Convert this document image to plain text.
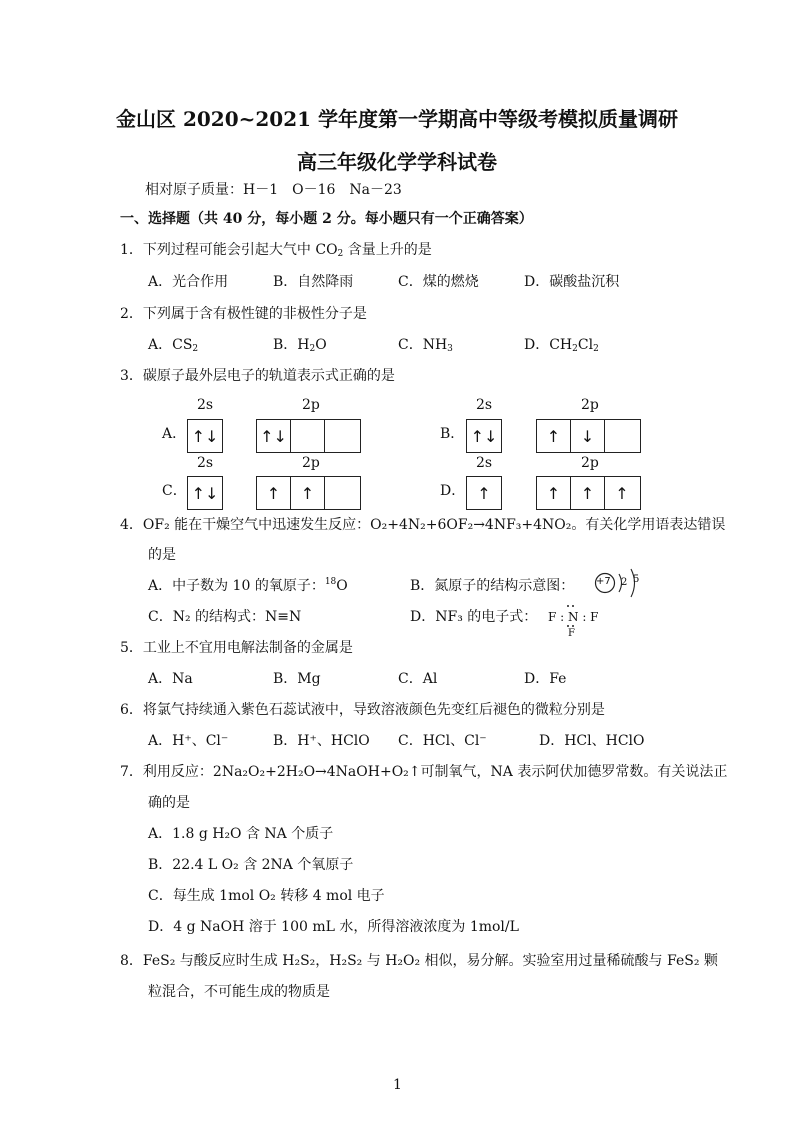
金山区 2020~2021 学年度第一学期高中等级考模拟质量调研
高三年级化学学科试卷
相对原子质量：H－1　O－16　Na－23
一、选择题（共 40 分，每小题 2 分。每小题只有一个正确答案）
1．下列过程可能会引起大气中 $CO_2$ 含量上升的是
A．光合作用	B．自然降雨	C．煤的燃烧	D．碳酸盐沉积
2．下列属于含有极性键的非极性分子是
A．$CS_2$	B．$H_2O$	C．$NH_3$	D．$CH_2Cl_2$
3．碳原子最外层电子的轨道表示式正确的是
2s	2p	2s	2p
A． ↑↓	↑↓	B． ↑↓	↑	↓
2s	2p	2s	2p
C． ↑↓	↑	↑	D． ↑	↑	↑	↑
4．OF₂ 能在干燥空气中迅速发生反应：O₂+4N₂+6OF₂→4NF₃+4NO₂。有关化学用语表达错误
的是
A．中子数为 10 的氧原子：$^{18}$O	B．氮原子的结构示意图： +7 2 5
C．N₂ 的结构式：N≡N	D．NF₃ 的电子式： F : N : F
F
5．工业上不宜用电解法制备的金属是
A．Na	B．Mg	C．Al	D．Fe
6．将氯气持续通入紫色石蕊试液中，导致溶液颜色先变红后褪色的微粒分别是
A．H⁺、Cl⁻	B．H⁺、HClO C．HCl、Cl⁻	D．HCl、HClO
7．利用反应：2Na₂O₂+2H₂O→4NaOH+O₂↑可制氧气，NA 表示阿伏加德罗常数。有关说法正
确的是
A．1.8 g H₂O 含 NA 个质子
B．22.4 L O₂ 含 2NA 个氧原子
C．每生成 1mol O₂ 转移 4 mol 电子
D．4 g NaOH 溶于 100 mL 水，所得溶液浓度为 1mol/L
8．FeS₂ 与酸反应时生成 H₂S₂，H₂S₂ 与 H₂O₂ 相似，易分解。实验室用过量稀硫酸与 FeS₂ 颗
粒混合，不可能生成的物质是
1
